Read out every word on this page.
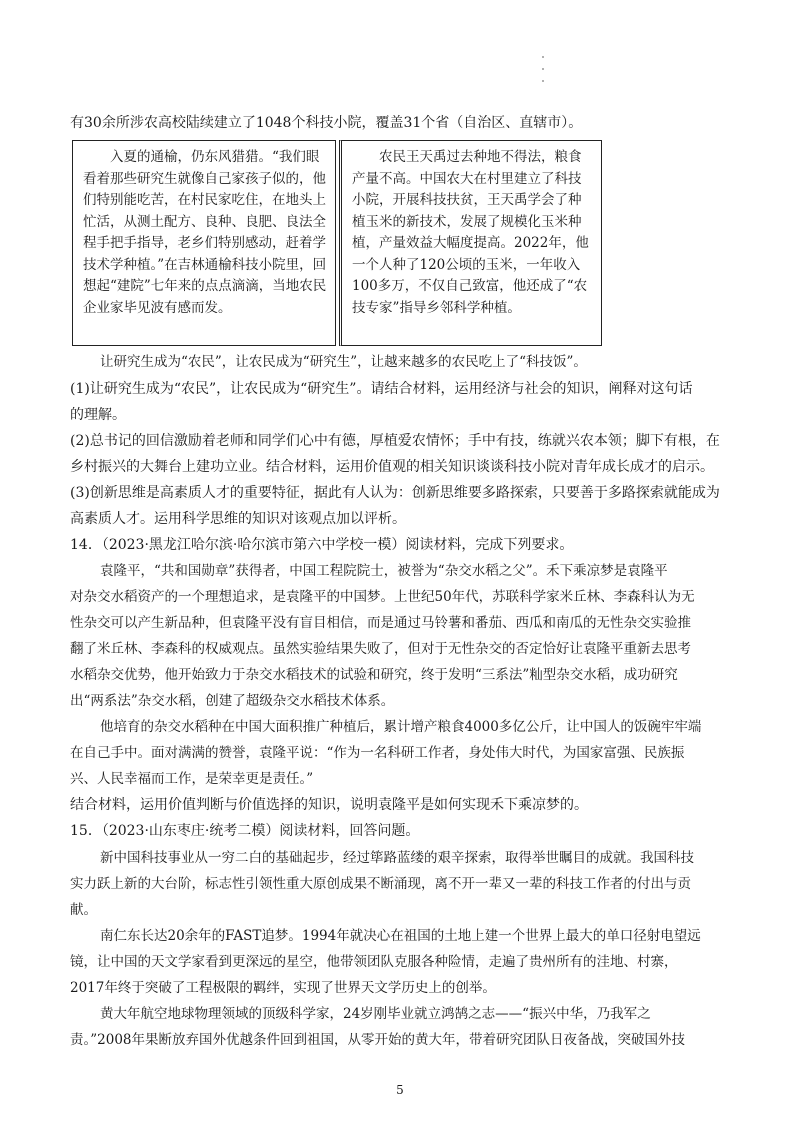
有30余所涉农高校陆续建立了1048个科技小院，覆盖31个省（自治区、直辖市）。

入夏的通榆，仍东风猎猎。“我们眼看着那些研究生就像自己家孩子似的，他们特别能吃苦，在村民家吃住，在地头上忙活，从测土配方、良种、良肥、良法全程手把手指导，老乡们特别感动，赶着学技术学种植。”在吉林通榆科技小院里，回想起“建院”七年来的点点滴滴，当地农民企业家毕见波有感而发。

农民王天禹过去种地不得法，粮食产量不高。中国农大在村里建立了科技小院，开展科技扶贫，王天禹学会了种植玉米的新技术，发展了规模化玉米种植，产量效益大幅度提高。2022年，他一个人种了120公顷的玉米，一年收入100多万，不仅自己致富，他还成了“农技专家”指导乡邻科学种植。

让研究生成为“农民”，让农民成为“研究生”，让越来越多的农民吃上了“科技饭”。
(1)让研究生成为“农民”，让农民成为“研究生”。请结合材料，运用经济与社会的知识，阐释对这句话
的理解。
(2)总书记的回信激励着老师和同学们心中有德，厚植爱农情怀；手中有技，练就兴农本领；脚下有根，在
乡村振兴的大舞台上建功立业。结合材料，运用价值观的相关知识谈谈科技小院对青年成长成才的启示。
(3)创新思维是高素质人才的重要特征，据此有人认为：创新思维要多路探索，只要善于多路探索就能成为
高素质人才。运用科学思维的知识对该观点加以评析。
14．（2023·黑龙江哈尔滨·哈尔滨市第六中学校一模）阅读材料，完成下列要求。
袁隆平，“共和国勋章”获得者，中国工程院院士，被誉为“杂交水稻之父”。禾下乘凉梦是袁隆平
对杂交水稻资产的一个理想追求，是袁隆平的中国梦。上世纪50年代，苏联科学家米丘林、李森科认为无
性杂交可以产生新品种，但袁隆平没有盲目相信，而是通过马铃薯和番茄、西瓜和南瓜的无性杂交实验推
翻了米丘林、李森科的权威观点。虽然实验结果失败了，但对于无性杂交的否定恰好让袁隆平重新去思考
水稻杂交优势，他开始致力于杂交水稻技术的试验和研究，终于发明“三系法”籼型杂交水稻，成功研究
出“两系法”杂交水稻，创建了超级杂交水稻技术体系。
他培育的杂交水稻种在中国大面积推广种植后，累计增产粮食4000多亿公斤，让中国人的饭碗牢牢端
在自己手中。面对满满的赞誉，袁隆平说：“作为一名科研工作者，身处伟大时代，为国家富强、民族振
兴、人民幸福而工作，是荣幸更是责任。”
结合材料，运用价值判断与价值选择的知识，说明袁隆平是如何实现禾下乘凉梦的。
15．（2023·山东枣庄·统考二模）阅读材料，回答问题。
新中国科技事业从一穷二白的基础起步，经过筚路蓝缕的艰辛探索，取得举世瞩目的成就。我国科技
实力跃上新的大台阶，标志性引领性重大原创成果不断涌现，离不开一辈又一辈的科技工作者的付出与贡
献。
南仁东长达20余年的FAST追梦。1994年就决心在祖国的土地上建一个世界上最大的单口径射电望远
镜，让中国的天文学家看到更深远的星空，他带领团队克服各种险情，走遍了贵州所有的洼地、村寨，
2017年终于突破了工程极限的羁绊，实现了世界天文学历史上的创举。
黄大年航空地球物理领域的顶级科学家，24岁刚毕业就立鸿鹄之志——“振兴中华，乃我军之
责。”2008年果断放弃国外优越条件回到祖国，从零开始的黄大年，带着研究团队日夜备战，突破国外技
5
